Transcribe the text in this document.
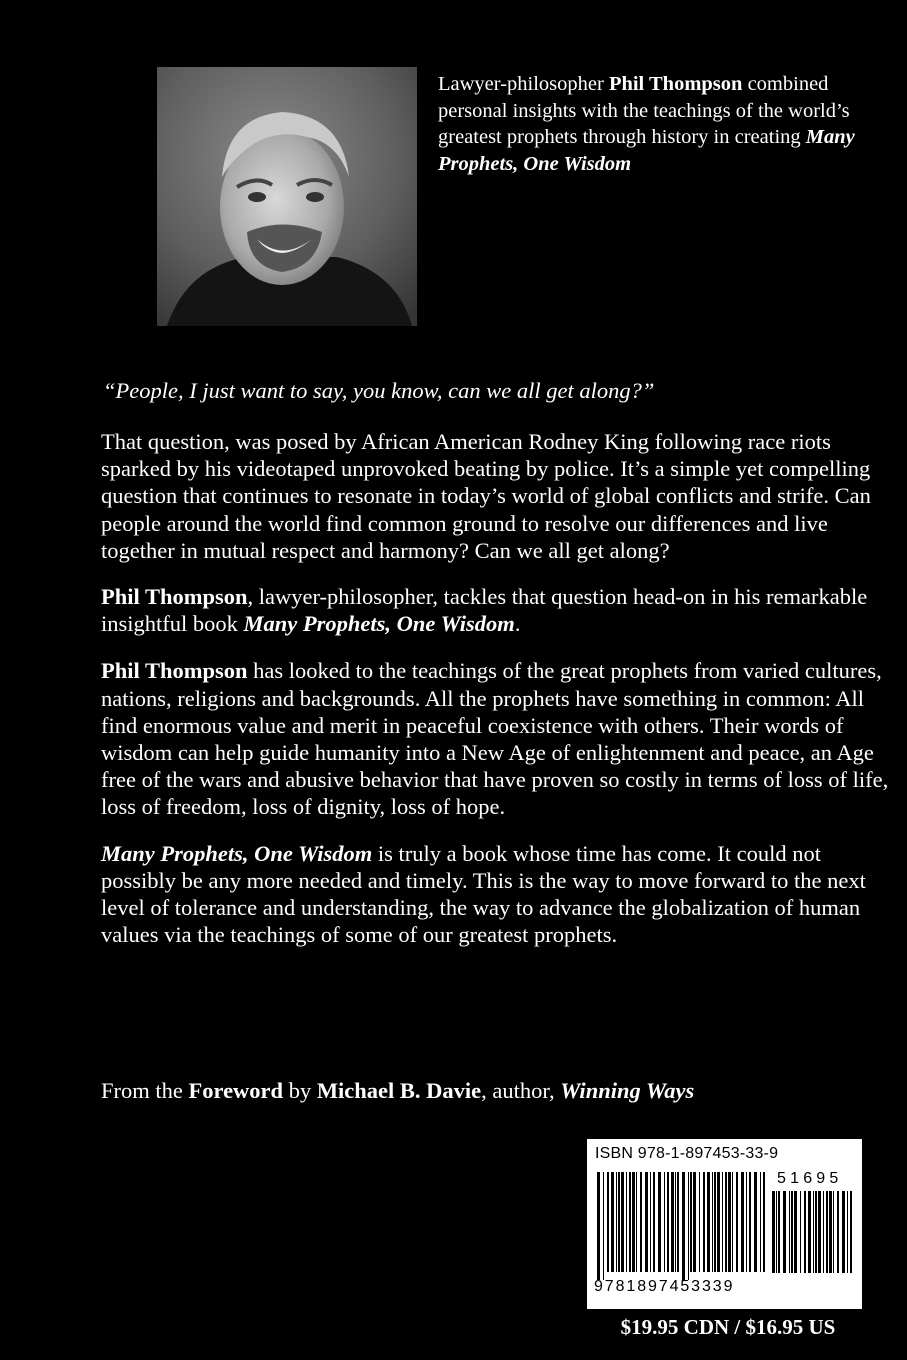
Lawyer-philosopher Phil Thompson combined personal insights with the teachings of the world’s greatest prophets through history in creating Many Prophets, One Wisdom
“People, I just want to say, you know, can we all get along?”

That question, was posed by African American Rodney King following race riots sparked by his videotaped unprovoked beating by police. It’s a simple yet compelling question that continues to resonate in today’s world of global conflicts and strife. Can people around the world find common ground to resolve our differences and live together in mutual respect and harmony? Can we all get along?

Phil Thompson, lawyer-philosopher, tackles that question head-on in his remarkable insightful book Many Prophets, One Wisdom.

Phil Thompson has looked to the teachings of the great prophets from varied cultures, nations, religions and backgrounds. All the prophets have something in common: All find enormous value and merit in peaceful coexistence with others. Their words of wisdom can help guide humanity into a New Age of enlightenment and peace, an Age free of the wars and abusive behavior that have proven so costly in terms of loss of life, loss of freedom, loss of dignity, loss of hope.

Many Prophets, One Wisdom is truly a book whose time has come. It could not possibly be any more needed and timely. This is the way to move forward to the next level of tolerance and understanding, the way to advance the globalization of human values via the teachings of some of our greatest prophets.

From the Foreword by Michael B. Davie, author, Winning Ways
ISBN 978-1-897453-33-9
9781897453339
51695
$19.95 CDN / $16.95 US
